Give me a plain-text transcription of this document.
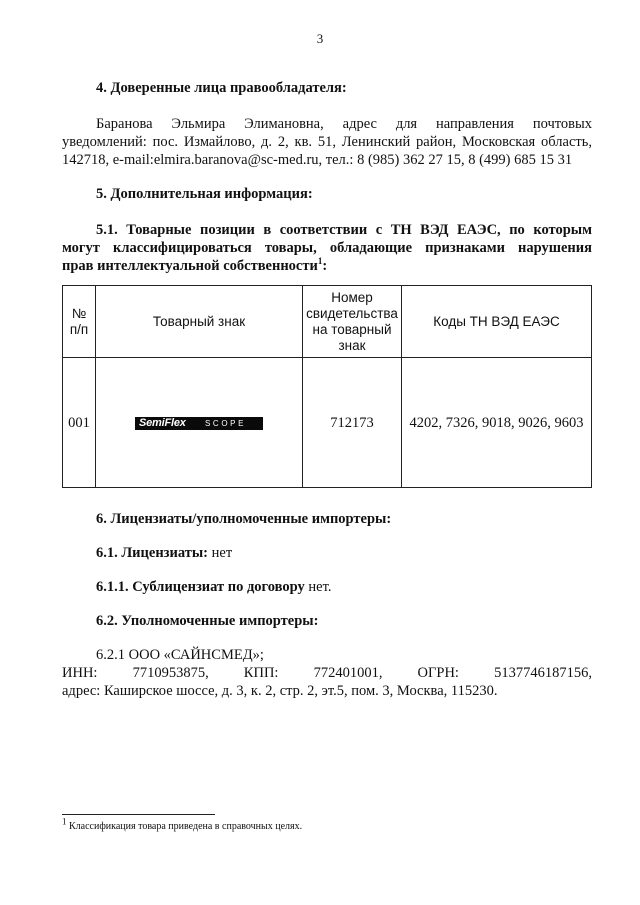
3
4. Доверенные лица правообладателя:
Баранова Эльмира Элимановна, адрес для направления почтовых
уведомлений: пос. Измайлово, д. 2, кв. 51, Ленинский район, Московская область,
142718, e-mail:elmira.baranova@sc-med.ru, тел.: 8 (985) 362 27 15, 8 (499) 685 15 31
5. Дополнительная информация:
5.1. Товарные позиции в соответствии с ТН ВЭД ЕАЭС, по которым
могут классифицироваться товары, обладающие признаками нарушения
прав интеллектуальной собственности$^1$:
№ п/п	Товарный знак	Номер свидетельства на товарный знак	Коды ТН ВЭД ЕАЭС
001	SemiFlex SCOPE	712173	4202, 7326, 9018, 9026, 9603
6. Лицензиаты/уполномоченные импортеры:
6.1. Лицензиаты: нет
6.1.1. Сублицензиат по договору нет.
6.2. Уполномоченные импортеры:
6.2.1 ООО «САЙНСМЕД»;
ИНН: 7710953875, КПП: 772401001, ОГРН: 5137746187156,
адрес: Каширское шоссе, д. 3, к. 2, стр. 2, эт.5, пом. 3, Москва, 115230.
$^1$ Классификация товара приведена в справочных целях.
